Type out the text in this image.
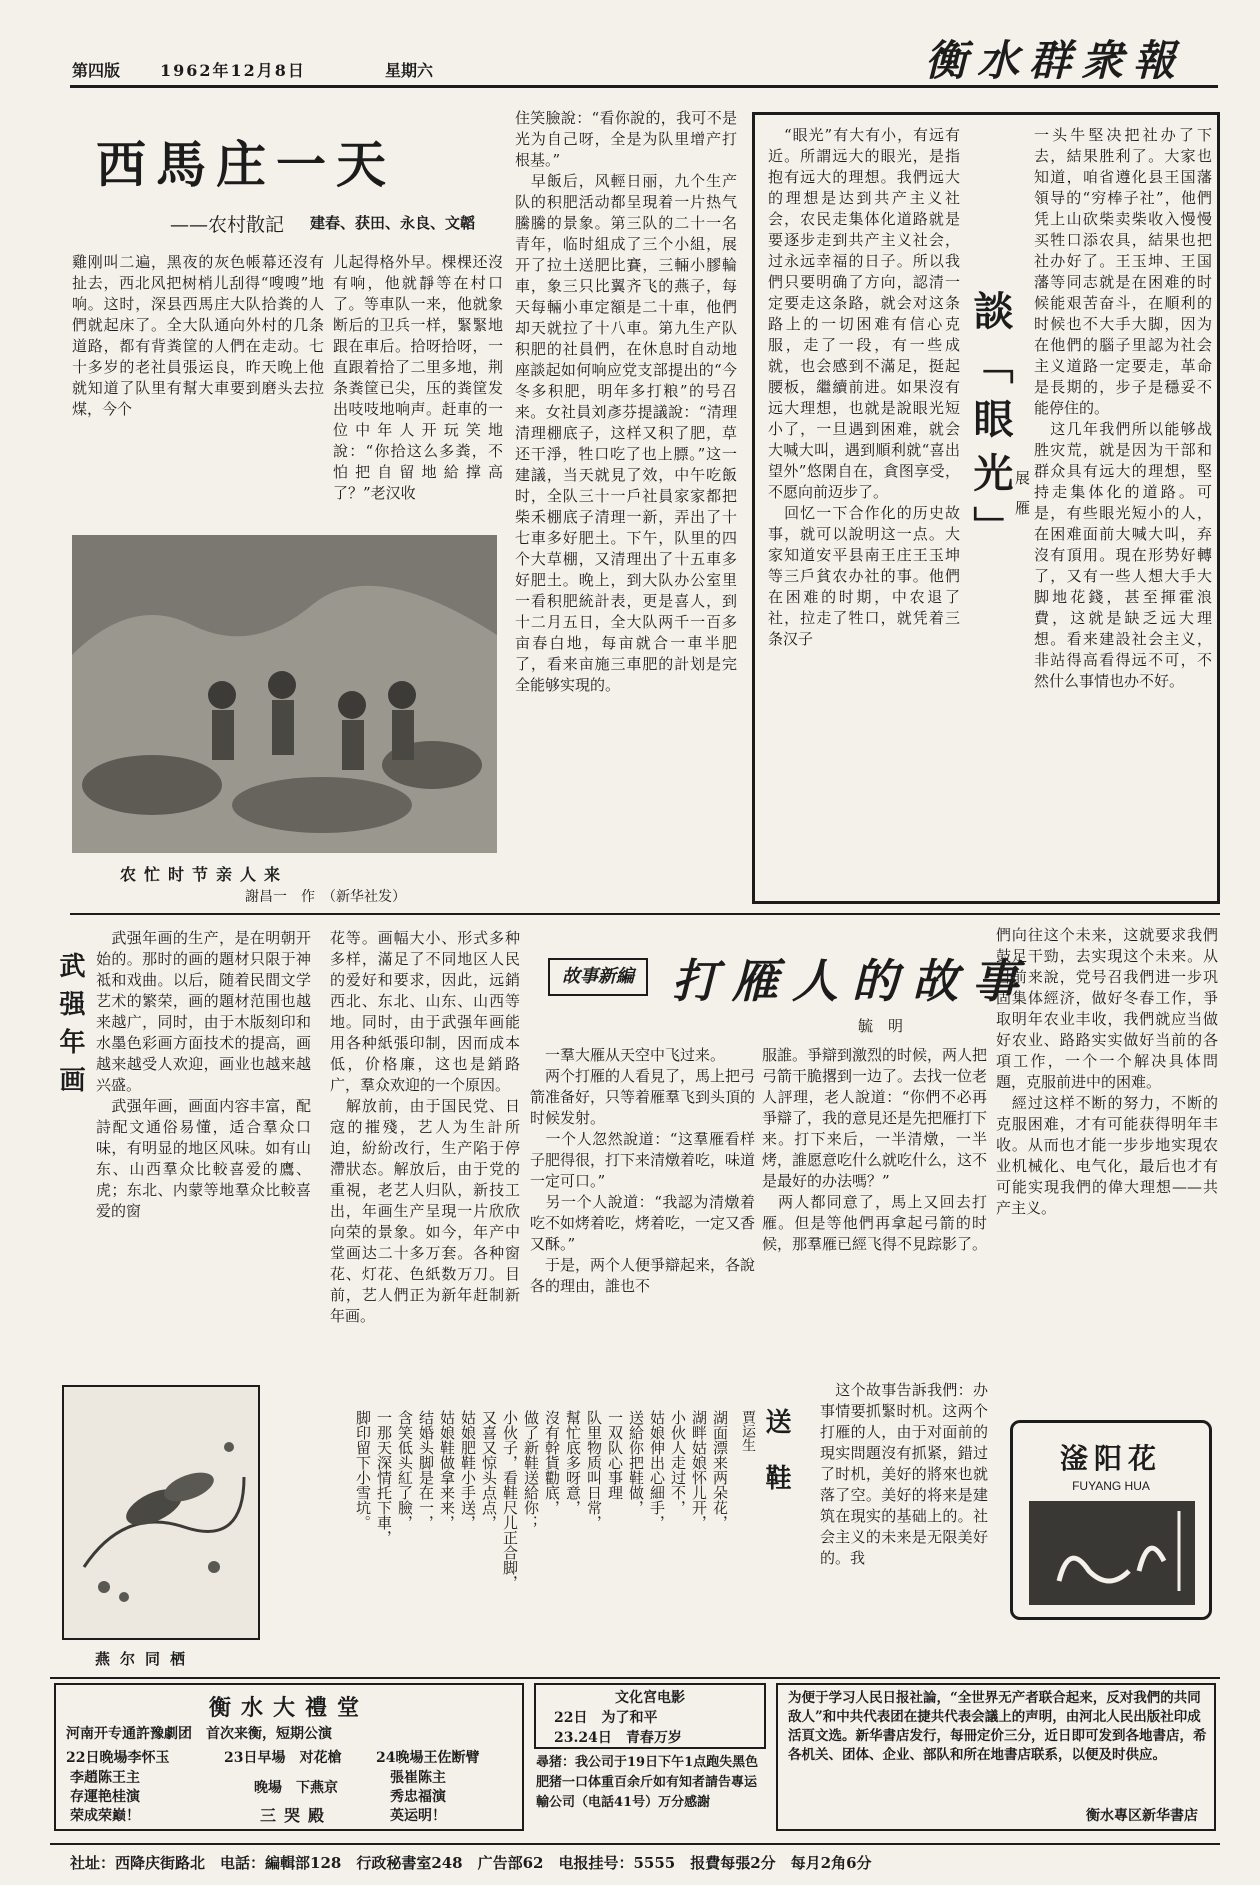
第四版 1962年12月8日	星期六	衡水群衆報
西馬庄一天
——农村散記 建春、获田、永良、文韜
雞刚叫二遍，黑夜的灰色帳幕还沒有扯去，西北风把树梢儿刮得“嗖嗖”地响。这时，深县西馬庄大队拾粪的人們就起床了。全大队通向外村的几条道路，都有背粪筐的人們在走动。七十多岁的老社員張运良，昨天晚上他就知道了队里有幫大車要到磨头去拉煤，今个
儿起得格外早。棵棵还沒有响，他就靜等在村口了。等車队一来，他就象断后的卫兵一样，緊緊地跟在車后。拾呀拾呀，一直跟着拾了二里多地，荆条粪筐已尖，压的粪筐发出吱吱地响声。赶車的一位中年人开玩笑地說：“你拾这么多粪，不怕把自留地給撑高了？”老汉收
住笑臉說：“看你說的，我可不是光为自己呀，全是为队里增产打根基。”
　早飯后，风輕日丽，九个生产队的积肥活动都呈現着一片热气騰騰的景象。第三队的二十一名青年，临时組成了三个小組，展开了拉土送肥比賽，三輛小膠輪車，象三只比翼齐飞的燕子，每天每輛小車定額是二十車，他們却天就拉了十八車。第九生产队积肥的社員們，在休息时自动地座談起如何响应党支部提出的“今冬多积肥，明年多打粮”的号召来。女社員刘彥芬提議說：“清理清理棚底子，这样又积了肥，草还干淨，牲口吃了也上膘。”这一建議，当天就見了效，中午吃飯时，全队三十一戶社員家家都把柴禾棚底子清理一新，弄出了十七車多好肥土。下午，队里的四个大草棚，又清理出了十五車多好肥土。晚上，到大队办公室里一看积肥統計表，更是喜人，到十二月五日，全大队两千一百多亩春白地，每亩就合一車半肥了，看来亩施三車肥的計划是完全能够实現的。
农忙时节亲人来
謝昌一　作　（新华社发）
　“眼光”有大有小，有远有近。所謂远大的眼光，是指抱有远大的理想。我們远大的理想是达到共产主义社会，农民走集体化道路就是要逐步走到共产主义社会，过永远幸福的日子。所以我們只要明确了方向，認清一定要走这条路，就会对这条路上的一切困难有信心克服，走了一段，有一些成就，也会感到不滿足，挺起腰板，繼續前进。如果沒有远大理想，也就是說眼光短小了，一旦遇到困难，就会大喊大叫，遇到順利就“喜出望外”悠閑自在，貪图享受，不愿向前迈步了。
　回忆一下合作化的历史故事，就可以說明这一点。大家知道安平县南王庄王玉坤等三戶貧农办社的事。他們在困难的时期，中农退了社，拉走了牲口，就凭着三条汉子
談「眼光」 展　雁
一头牛堅决把社办了下去，結果胜利了。大家也知道，咱省遵化县王国藩領导的“穷棒子社”，他們凭上山砍柴卖柴收入慢慢买牲口添农具，結果也把社办好了。王玉坤、王国藩等同志就是在困难的时候能艰苦奋斗，在順利的时候也不大手大脚，因为在他們的腦子里認为社会主义道路一定要走，革命是長期的，步子是穩妥不能停住的。
　这几年我們所以能够战胜灾荒，就是因为干部和群众具有远大的理想，堅持走集体化的道路。可是，有些眼光短小的人，在困难面前大喊大叫，弃沒有頂用。現在形势好轉了，又有一些人想大手大脚地花錢，甚至揮霍浪費，这就是缺乏远大理想。看来建設社会主义，非站得高看得远不可，不然什么事情也办不好。
武强年画
　武强年画的生产，是在明朝开始的。那时的画的題材只限于神祗和戏曲。以后，随着民間文学艺术的繁荣，画的題材范围也越来越广，同时，由于木版刻印和水墨色彩画方面技术的提高，画越来越受人欢迎，画业也越来越兴盛。
　武强年画，画面内容丰富，配詩配文通俗易懂，适合羣众口味，有明显的地区风味。如有山东、山西羣众比較喜爱的鷹、虎；东北、内蒙等地羣众比較喜爱的窗
花等。画幅大小、形式多种多样，滿足了不同地区人民的爱好和要求，因此，远銷西北、东北、山东、山西等地。同时，由于武强年画能用各种紙張印制，因而成本低，价格廉，这也是銷路广，羣众欢迎的一个原因。
　解放前，由于国民党、日寇的摧殘，艺人为生計所迫，紛紛改行，生产陷于停滯狀态。解放后，由于党的重視，老艺人归队，新技工出，年画生产呈現一片欣欣向荣的景象。如今，年产中堂画达二十多万套。各种窗花、灯花、色紙数万刀。目前，艺人們正为新年赶制新年画。
燕尔同栖
故事新編 打雁人的故事
毓　明
　一羣大雁从天空中飞过来。
　两个打雁的人看見了，馬上把弓箭准备好，只等着雁羣飞到头頂的时候发射。
　一个人忽然說道：“这羣雁看样子肥得很，打下来清燉着吃，味道一定可口。”
　另一个人說道：“我認为清燉着吃不如烤着吃，烤着吃，一定又香又酥。”
　于是，两个人便爭辯起来，各說各的理由，誰也不
服誰。爭辯到激烈的时候，两人把弓箭干脆撂到一边了。去找一位老人評理，老人說道：“你們不必再爭辯了，我的意見还是先把雁打下来。打下来后，一半清燉，一半烤，誰愿意吃什么就吃什么，这不是最好的办法嗎？”
　两人都同意了，馬上又回去打雁。但是等他們再拿起弓箭的时候，那羣雁已經飞得不見踪影了。
　这个故事告訴我們：办事情要抓緊时机。这两个打雁的人，由于对面前的現实問題沒有抓紧，錯过了时机，美好的將來也就落了空。美好的将来是建筑在現实的基础上的。社会主义的未来是无限美好的。我
們向往这个未来，这就要求我們鼓足干勁，去实現这个未来。从目前来說，党号召我們进一步巩固集体經济，做好冬春工作，爭取明年农业丰收，我們就应当做好农业、路路实实做好当前的各項工作，一个一个解决具体問題，克服前进中的困难。
　經过这样不断的努力，不断的克服困难，才有可能获得明年丰收。从而也才能一步步地实現农业机械化、电气化，最后也才有可能实現我們的偉大理想——共产主义。
湖面漂来两朵花，
湖畔姑娘怀儿开，
小伙人走过不，
姑娘伸出心細手，
送給你把鞋做，
一双队心事理
队里物质叫日常，
幫忙底多呀意，
沒有幹貨勸底，
做了新鞋送給你；
小伙子，看鞋尺儿正合脚，
又喜又惊头点点，
姑娘肥鞋小手送，
姑娘鞋做拿来来，
结婚头脚是在一，
含笑低头紅了臉，
一那天深情托下車，
脚印留下小雪坑。	送鞋
賈运生
滏阳花
FUYANG HUA
衡水大禮堂
河南开专通許豫劇团　首次来衡，短期公演
22日晚場李怀玉
李趙陈王主
存運艳桂演
荣成荣巅！
23日早場　对花槍
晚場　下燕京
三哭殿
24晚場王佐断臂
張崔陈主
秀忠福演
英运明！
文化宮电影
22日　为了和平
23.24日　青春万岁
尋猪：我公司于19日下午1点跑失黑色肥猪一口体重百余斤如有知者請告專运輸公司（电話41号）万分感謝
为便于学习人民日报社論，“全世界无产者联合起来，反对我們的共同敌人”和中共代表团在捷共代表会議上的声明，由河北人民出版社印成活頁文选。新华書店发行，每冊定价三分，近日即可发到各地書店，希各机关、团体、企业、部队和所在地書店联系，以便及时供应。
衡水專区新华書店
社址：西降庆街路北　电話：編輯部128　行政秘書室248　广告部62　电报挂号：5555　报費每張2分　每月2角6分
